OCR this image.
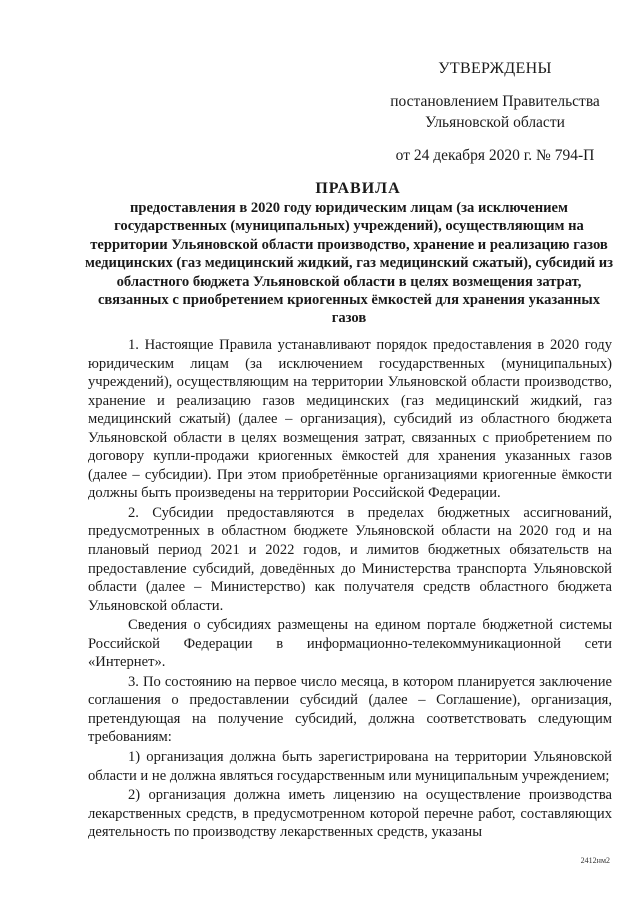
УТВЕРЖДЕНЫ
постановлением Правительства
Ульяновской области
от 24 декабря 2020 г. № 794-П
ПРАВИЛА
предоставления в 2020 году юридическим лицам (за исключением государственных (муниципальных) учреждений), осуществляющим на территории Ульяновской области производство, хранение и реализацию газов медицинских (газ медицинский жидкий, газ медицинский сжатый), субсидий из областного бюджета Ульяновской области в целях возмещения затрат, связанных с приобретением криогенных ёмкостей для хранения указанных газов

1. Настоящие Правила устанавливают порядок предоставления в 2020 году юридическим лицам (за исключением государственных (муниципальных) учреждений), осуществляющим на территории Ульяновской области производство, хранение и реализацию газов медицинских (газ медицинский жидкий, газ медицинский сжатый) (далее – организация), субсидий из областного бюджета Ульяновской области в целях возмещения затрат, связанных с приобретением по договору купли-продажи криогенных ёмкостей для хранения указанных газов (далее – субсидии). При этом приобретённые организациями криогенные ёмкости должны быть произведены на территории Российской Федерации.

2. Субсидии предоставляются в пределах бюджетных ассигнований, предусмотренных в областном бюджете Ульяновской области на 2020 год и на плановый период 2021 и 2022 годов, и лимитов бюджетных обязательств на предоставление субсидий, доведённых до Министерства транспорта Ульяновской области (далее – Министерство) как получателя средств областного бюджета Ульяновской области.

Сведения о субсидиях размещены на едином портале бюджетной системы Российской Федерации в информационно-телекоммуникационной сети «Интернет».

3. По состоянию на первое число месяца, в котором планируется заключение соглашения о предоставлении субсидий (далее – Соглашение), организация, претендующая на получение субсидий, должна соответствовать следующим требованиям:

1) организация должна быть зарегистрирована на территории Ульяновской области и не должна являться государственным или муниципальным учреждением;

2) организация должна иметь лицензию на осуществление производства лекарственных средств, в предусмотренном которой перечне работ, составляющих деятельность по производству лекарственных средств, указаны

2412нм2
